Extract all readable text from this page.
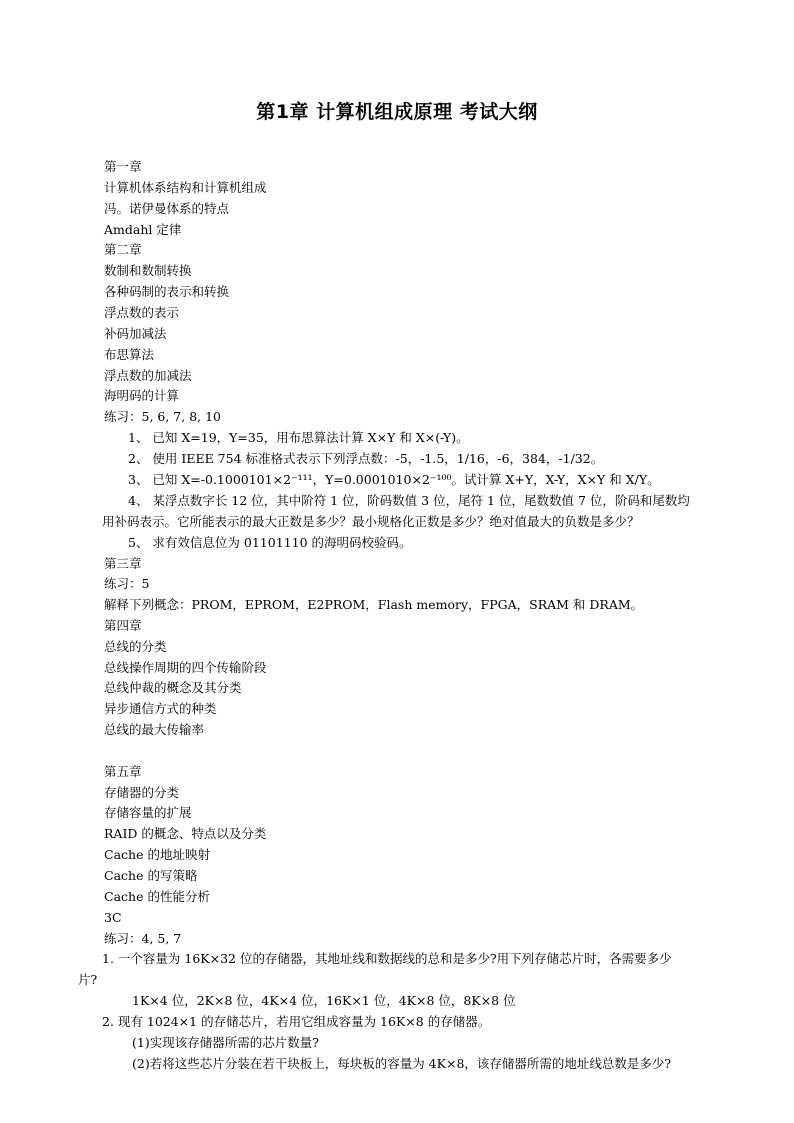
第1章 计算机组成原理 考试大纲
第一章
计算机体系结构和计算机组成
冯。诺伊曼体系的特点
Amdahl 定律
第二章
数制和数制转换
各种码制的表示和转换
浮点数的表示
补码加减法
布思算法
浮点数的加减法
海明码的计算
练习：5, 6, 7, 8, 10
1、 已知 X=19，Y=35，用布思算法计算 X×Y 和 X×(-Y)。
2、 使用 IEEE 754 标准格式表示下列浮点数：-5，-1.5，1/16，-6，384，-1/32。
3、 已知 X=-0.1000101×2⁻¹¹¹，Y=0.0001010×2⁻¹⁰⁰。试计算 X+Y，X-Y，X×Y 和 X/Y。
4、 某浮点数字长 12 位，其中阶符 1 位，阶码数值 3 位，尾符 1 位，尾数数值 7 位，阶码和尾数均
用补码表示。它所能表示的最大正数是多少？最小规格化正数是多少？绝对值最大的负数是多少？
5、 求有效信息位为 01101110 的海明码校验码。
第三章
练习：5
解释下列概念：PROM，EPROM，E2PROM，Flash memory，FPGA，SRAM 和 DRAM。
第四章
总线的分类
总线操作周期的四个传输阶段
总线仲裁的概念及其分类
异步通信方式的种类
总线的最大传输率
第五章
存储器的分类
存储容量的扩展
RAID 的概念、特点以及分类
Cache 的地址映射
Cache 的写策略
Cache 的性能分析
3C
练习：4, 5, 7
1. 一个容量为 16K×32 位的存储器，其地址线和数据线的总和是多少?用下列存储芯片时，各需要多少
片?
1K×4 位，2K×8 位，4K×4 位，16K×1 位，4K×8 位，8K×8 位
2. 现有 1024×1 的存储芯片，若用它组成容量为 16K×8 的存储器。
(1)实现该存储器所需的芯片数量?
(2)若将这些芯片分装在若干块板上，每块板的容量为 4K×8，该存储器所需的地址线总数是多少?
